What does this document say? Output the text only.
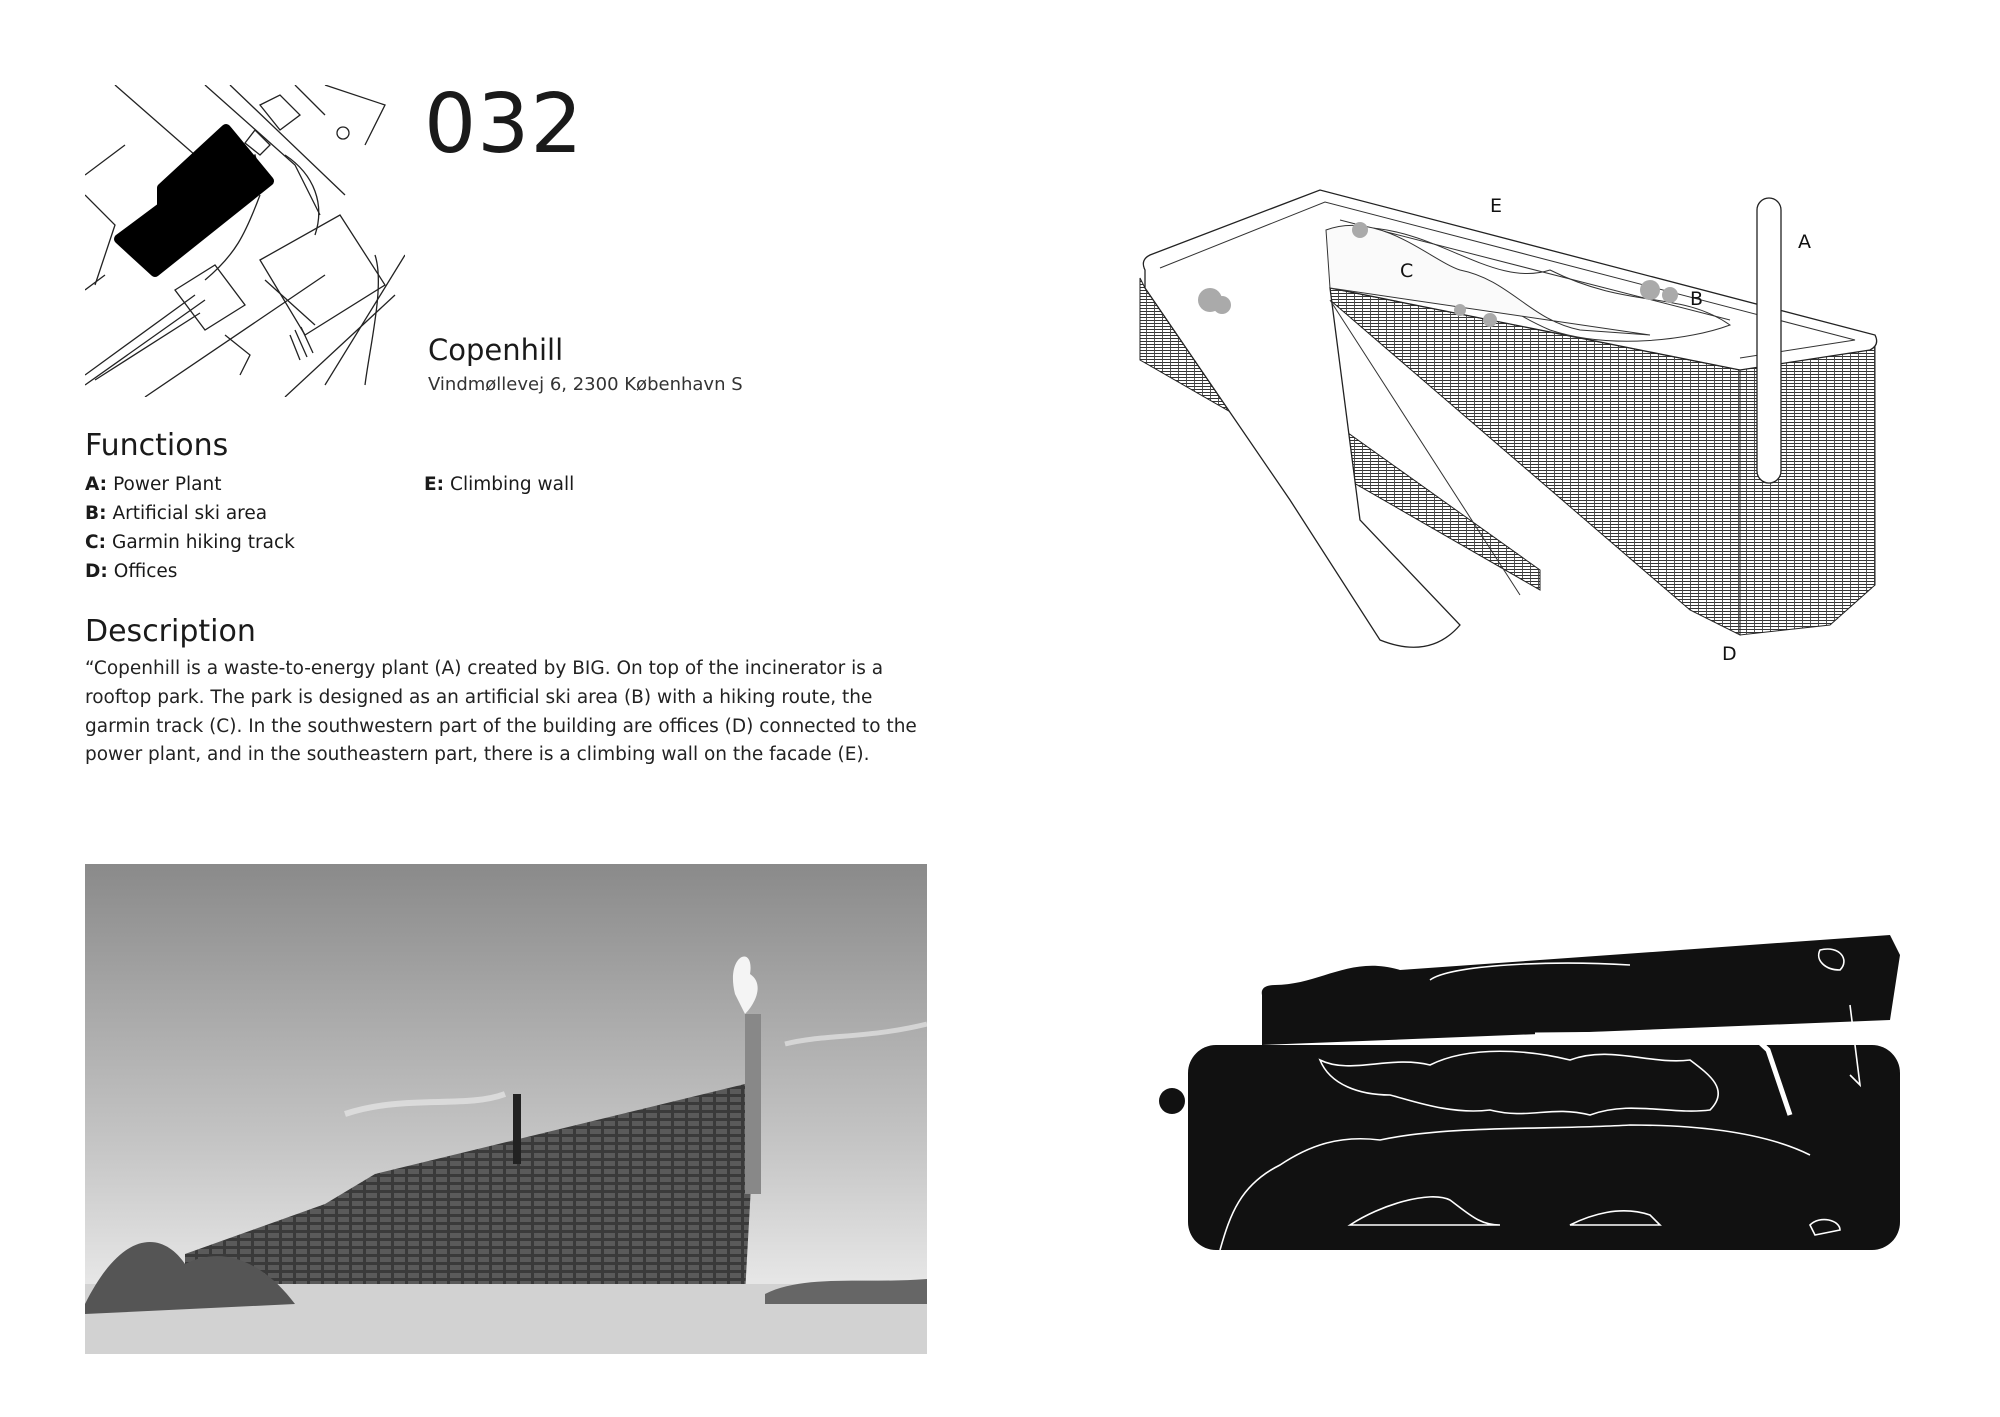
032
Copenhill
Vindmøllevej 6, 2300 København S
Functions
A: Power Plant
B: Artificial ski area
C: Garmin hiking track
D: Offices
E: Climbing wall
Description
“Copenhill is a waste-to-energy plant (A) created by BIG. On top of the incinerator is a rooftop park. The park is designed as an artificial ski area (B) with a hiking route, the garmin track (C). In the southwestern part of the building are offices (D) connected to the power plant, and in the southeastern part, there is a climbing wall on the facade (E).
A
B
C
D
E
